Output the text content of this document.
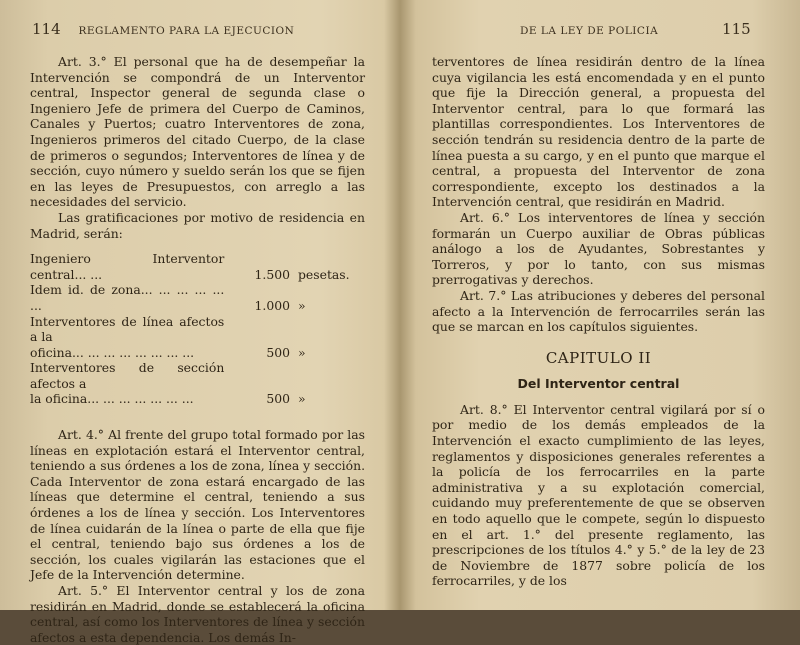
114 REGLAMENTO PARA LA EJECUCION

Art. 3.° El personal que ha de desempeñar la Intervención se compondrá de un Interventor central, Inspector general de segunda clase o Ingeniero Jefe de primera del Cuerpo de Caminos, Canales y Puertos; cuatro Interventores de zona, Ingenieros primeros del citado Cuerpo, de la clase de primeros o segundos; Interventores de línea y de sección, cuyo número y sueldo serán los que se fijen en las leyes de Presupuestos, con arreglo a las necesidades del servicio.

Las gratificaciones por motivo de residencia en Madrid, serán:

Ingeniero Interventor central... ...	1.500	pesetas.
Idem id. de zona... ... ... ... ... ...	1.000	»
Interventores de línea afectos a la		
oficina... ... ... ... ... ... ... ...	500	»
Interventores de sección afectos a		
la oficina... ... ... ... ... ... ...	500	»

Art. 4.° Al frente del grupo total formado por las líneas en explotación estará el Interventor central, teniendo a sus órdenes a los de zona, línea y sección. Cada Interventor de zona estará encargado de las líneas que determine el central, teniendo a sus órdenes a los de línea y sección. Los Interventores de línea cuidarán de la línea o parte de ella que fije el central, teniendo bajo sus órdenes a los de sección, los cuales vigilarán las estaciones que el Jefe de la Intervención determine.

Art. 5.° El Interventor central y los de zona residirán en Madrid, donde se establecerá la oficina central, así como los Interventores de línea y sección afectos a esta dependencia. Los demás In-

DE LA LEY DE POLICIA	115

terventores de línea residirán dentro de la línea cuya vigilancia les está encomendada y en el punto que fije la Dirección general, a propuesta del Interventor central, para lo que formará las plantillas correspondientes. Los Interventores de sección tendrán su residencia dentro de la parte de línea puesta a su cargo, y en el punto que marque el central, a propuesta del Interventor de zona correspondiente, excepto los destinados a la Intervención central, que residirán en Madrid.

Art. 6.° Los interventores de línea y sección formarán un Cuerpo auxiliar de Obras públicas análogo a los de Ayudantes, Sobrestantes y Torreros, y por lo tanto, con sus mismas prerrogativas y derechos.

Art. 7.° Las atribuciones y deberes del personal afecto a la Intervención de ferrocarriles serán las que se marcan en los capítulos siguientes.

CAPITULO II
Del Interventor central

Art. 8.° El Interventor central vigilará por sí o por medio de los demás empleados de la Intervención el exacto cumplimiento de las leyes, reglamentos y disposiciones generales referentes a la policía de los ferrocarriles en la parte administrativa y a su explotación comercial, cuidando muy preferentemente de que se observen en todo aquello que le compete, según lo dispuesto en el art. 1.° del presente reglamento, las prescripciones de los títulos 4.° y 5.° de la ley de 23 de Noviembre de 1877 sobre policía de los ferrocarriles, y de los
